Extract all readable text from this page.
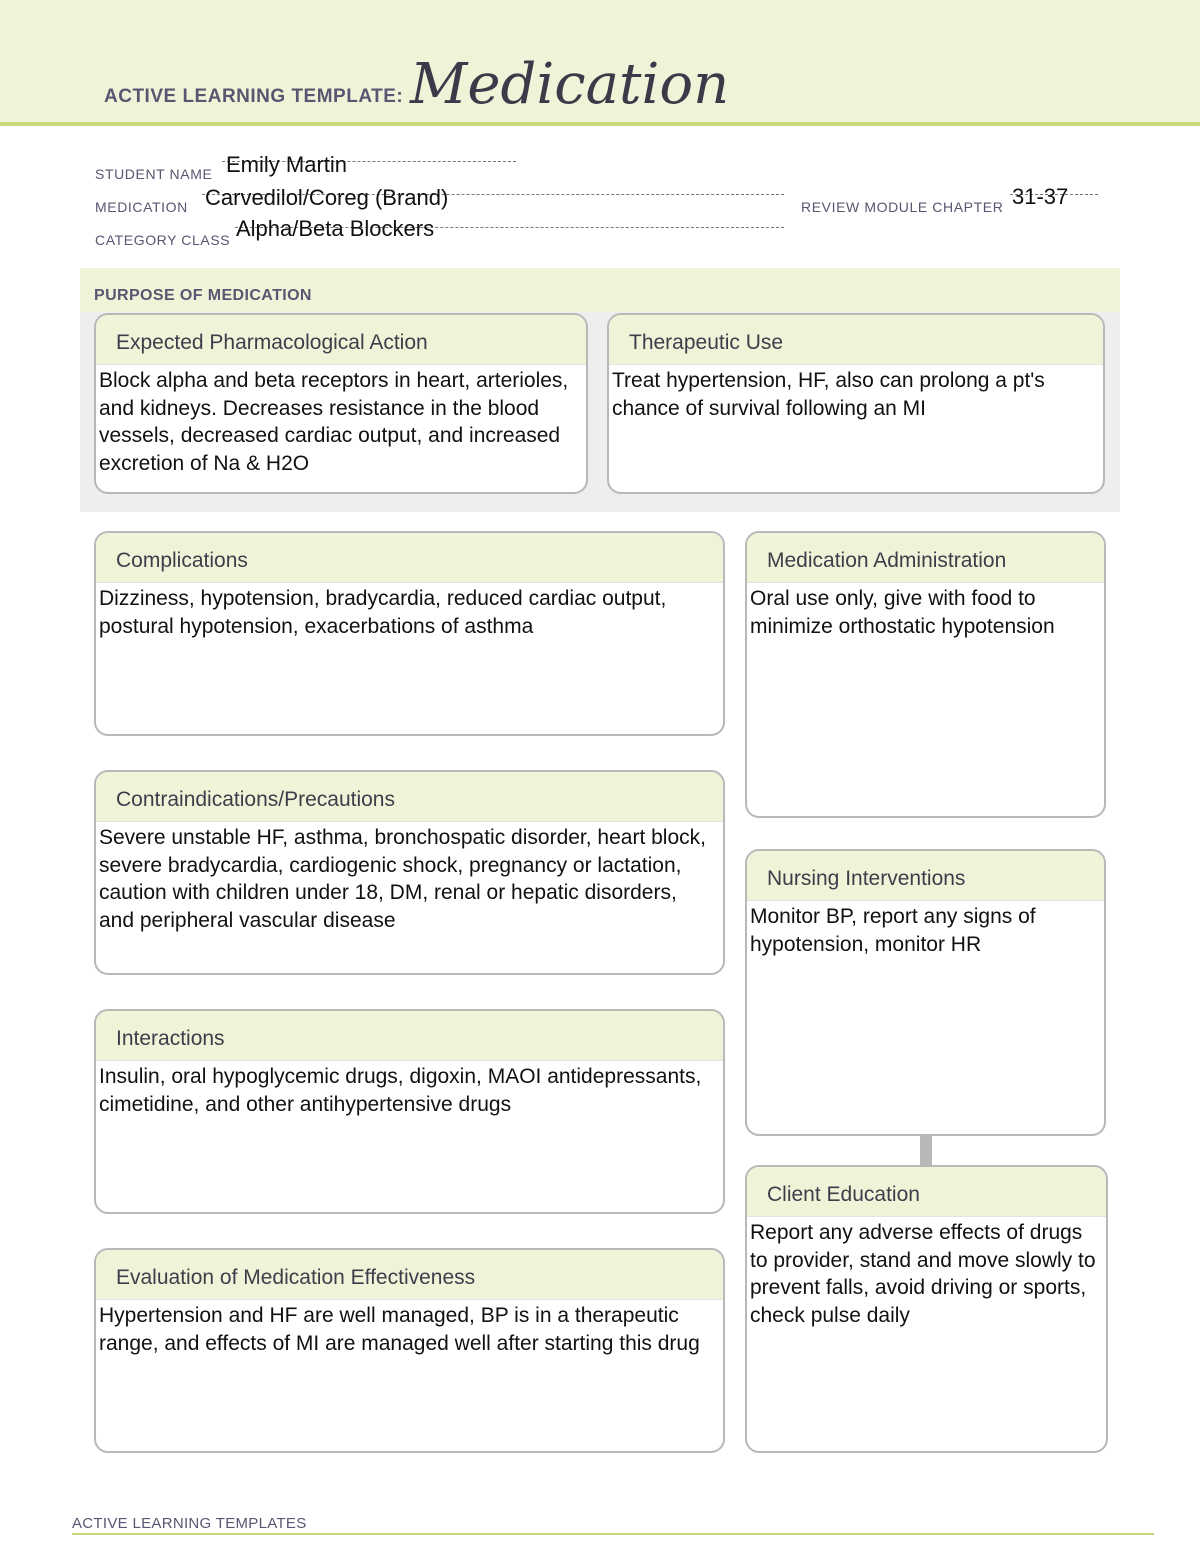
ACTIVE LEARNING TEMPLATE: Medication
STUDENT NAME Emily Martin
MEDICATION Carvedilol/Coreg (Brand)	REVIEW MODULE CHAPTER 31-37
CATEGORY CLASS Alpha/Beta Blockers
PURPOSE OF MEDICATION
Expected Pharmacological Action
Block alpha and beta receptors in heart, arterioles, and kidneys. Decreases resistance in the blood vessels, decreased cardiac output, and increased excretion of Na & H2O
Therapeutic Use
Treat hypertension, HF, also can prolong a pt's chance of survival following an MI
Complications
Dizziness, hypotension, bradycardia, reduced cardiac output, postural hypotension, exacerbations of asthma
Contraindications/Precautions
Severe unstable HF, asthma, bronchospatic disorder, heart block, severe bradycardia, cardiogenic shock, pregnancy or lactation, caution with children under 18, DM, renal or hepatic disorders, and peripheral vascular disease
Interactions
Insulin, oral hypoglycemic drugs, digoxin, MAOI antidepressants, cimetidine, and other antihypertensive drugs
Evaluation of Medication Effectiveness
Hypertension and HF are well managed, BP is in a therapeutic range, and effects of MI are managed well after starting this drug
Medication Administration
Oral use only, give with food to minimize orthostatic hypotension
Nursing Interventions
Monitor BP, report any signs of hypotension, monitor HR
Client Education
Report any adverse effects of drugs to provider, stand and move slowly to prevent falls, avoid driving or sports, check pulse daily
ACTIVE LEARNING TEMPLATES
